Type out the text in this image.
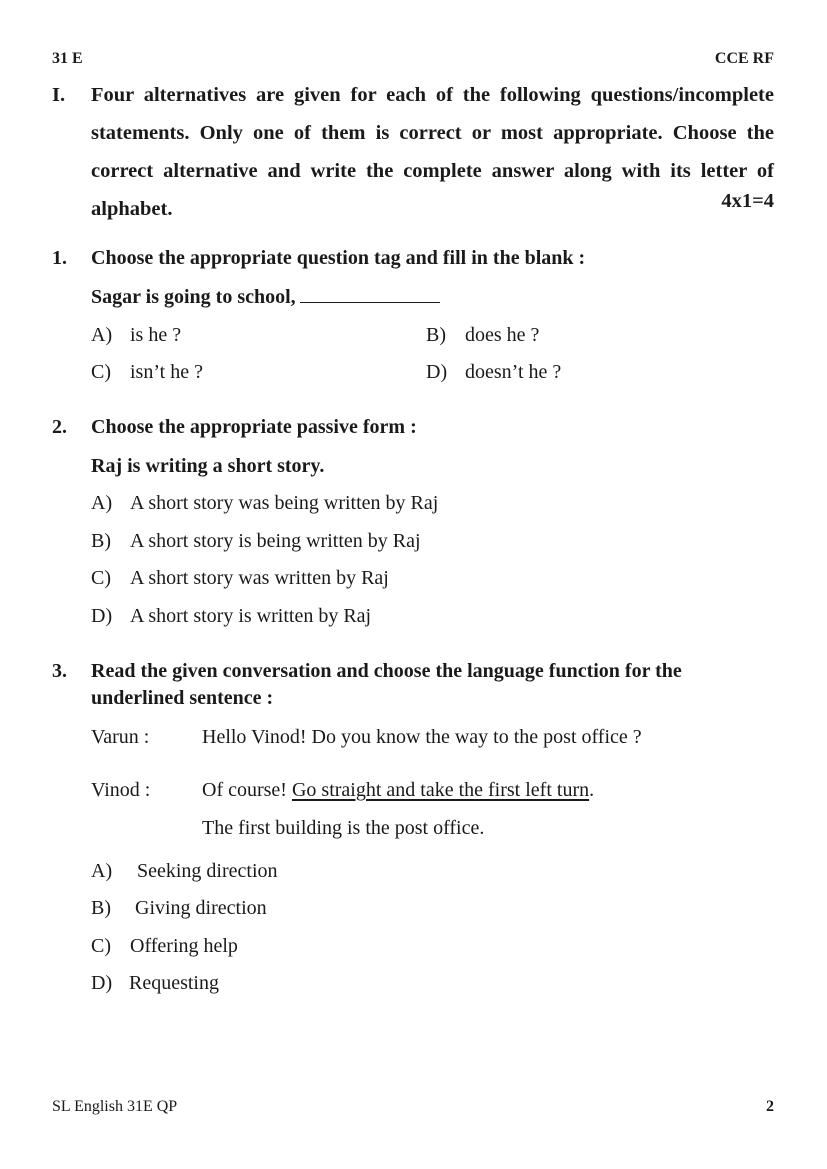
31 E	CCE RF
I. Four alternatives are given for each of the following questions/incomplete
statements. Only one of them is correct or most appropriate. Choose the
correct alternative and write the complete answer along with its letter of
alphabet.	4x1=4
1. Choose the appropriate question tag and fill in the blank :
Sagar is going to school,
A) is he ?	B) does he ?
C) isn’t he ?	D) doesn’t he ?
2. Choose the appropriate passive form :
Raj is writing a short story.
A) A short story was being written by Raj
B) A short story is being written by Raj
C) A short story was written by Raj
D) A short story is written by Raj
3. Read the given conversation and choose the language function for the
underlined sentence :
Varun :	Hello Vinod! Do you know the way to the post office ?
Vinod :	Of course! Go straight and take the first left turn.
The first building is the post office.
A) Seeking direction
B) Giving direction
C) Offering help
D) Requesting
SL English 31E QP	2
